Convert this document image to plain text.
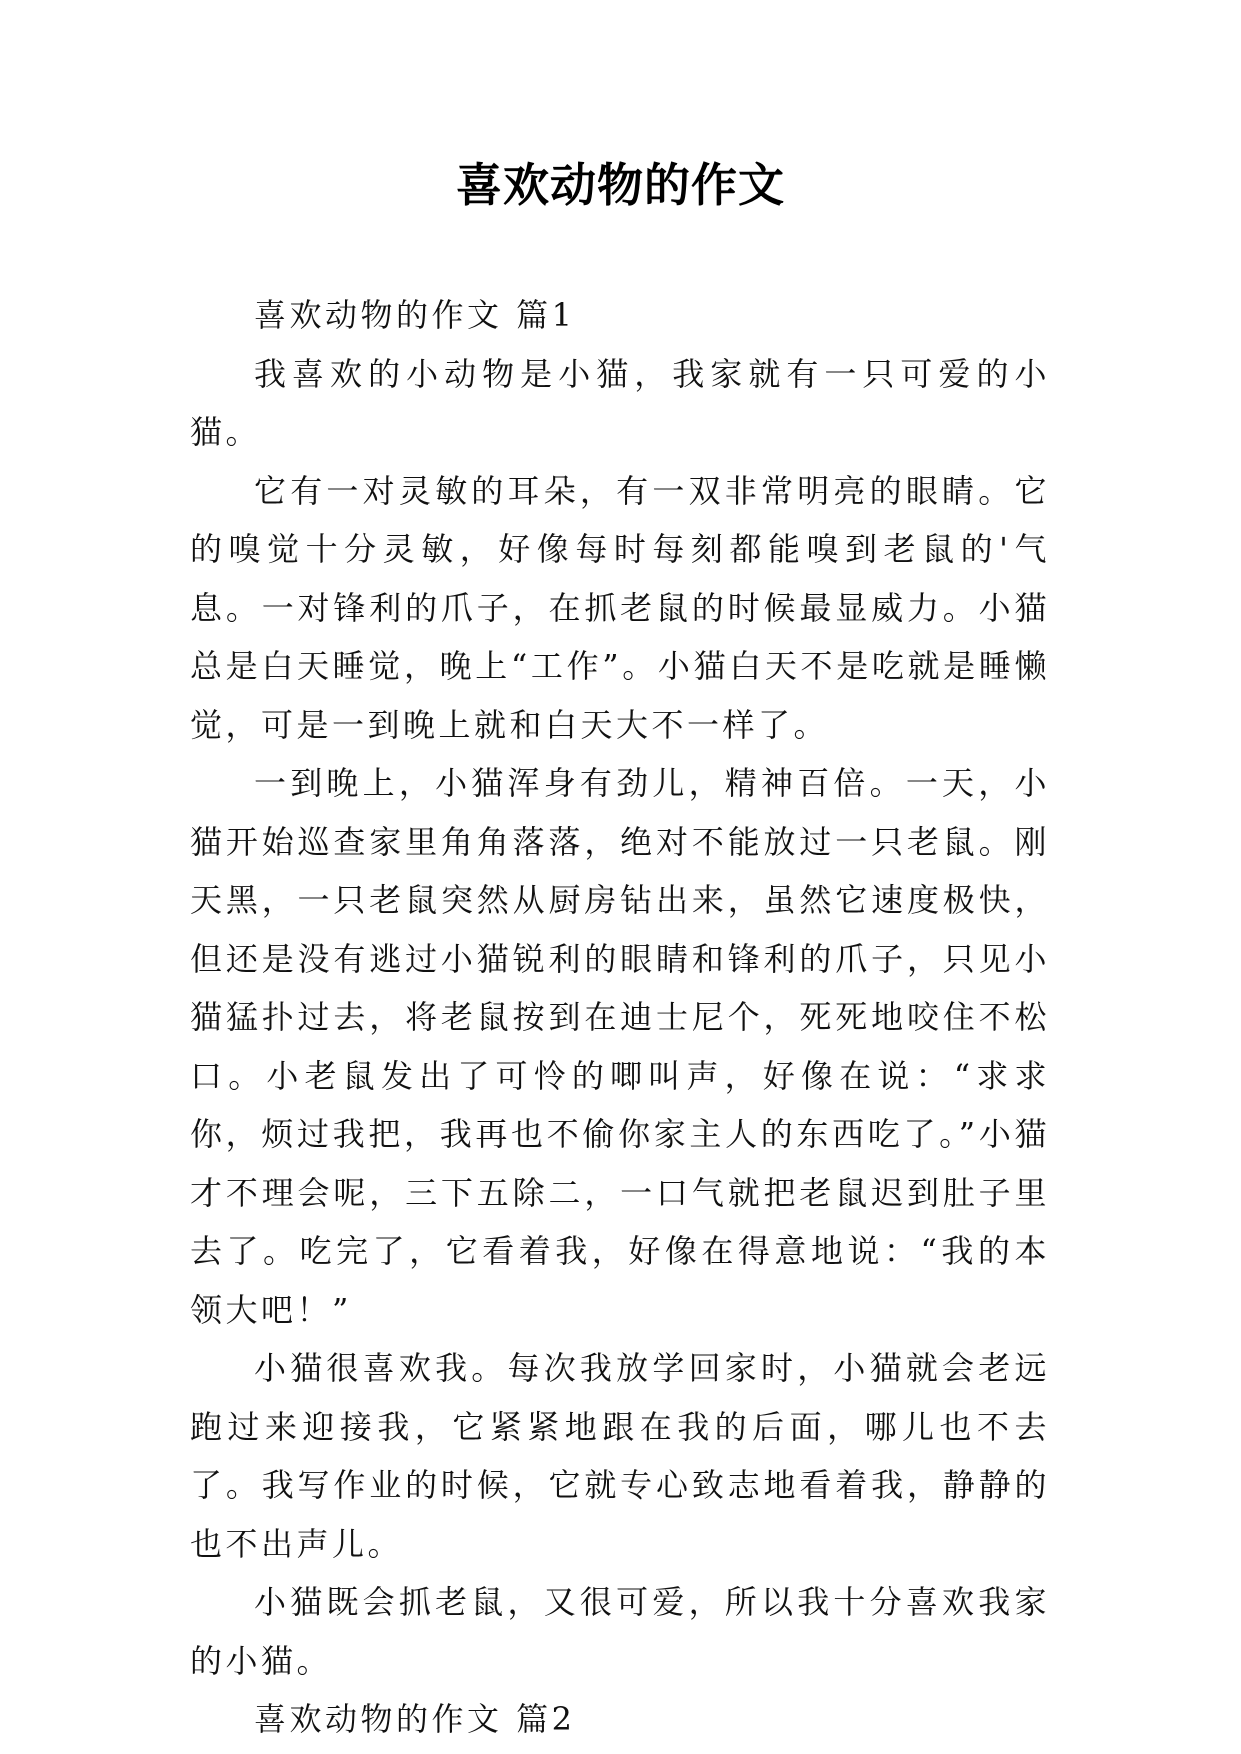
喜欢动物的作文

喜欢动物的作文 篇1

我喜欢的小动物是小猫，我家就有一只可爱的小猫。

它有一对灵敏的耳朵，有一双非常明亮的眼睛。它的嗅觉十分灵敏，好像每时每刻都能嗅到老鼠的'气息。一对锋利的爪子，在抓老鼠的时候最显威力。小猫总是白天睡觉，晚上“工作”。小猫白天不是吃就是睡懒觉，可是一到晚上就和白天大不一样了。

一到晚上，小猫浑身有劲儿，精神百倍。一天，小猫开始巡查家里角角落落，绝对不能放过一只老鼠。刚天黑，一只老鼠突然从厨房钻出来，虽然它速度极快，但还是没有逃过小猫锐利的眼睛和锋利的爪子，只见小猫猛扑过去，将老鼠按到在迪士尼个，死死地咬住不松口。小老鼠发出了可怜的唧叫声，好像在说：“求求你，烦过我把，我再也不偷你家主人的东西吃了。”小猫才不理会呢，三下五除二，一口气就把老鼠迟到肚子里去了。吃完了，它看着我，好像在得意地说：“我的本领大吧！”

小猫很喜欢我。每次我放学回家时，小猫就会老远跑过来迎接我，它紧紧地跟在我的后面，哪儿也不去了。我写作业的时候，它就专心致志地看着我，静静的也不出声儿。

小猫既会抓老鼠，又很可爱，所以我十分喜欢我家的小猫。

喜欢动物的作文 篇2
